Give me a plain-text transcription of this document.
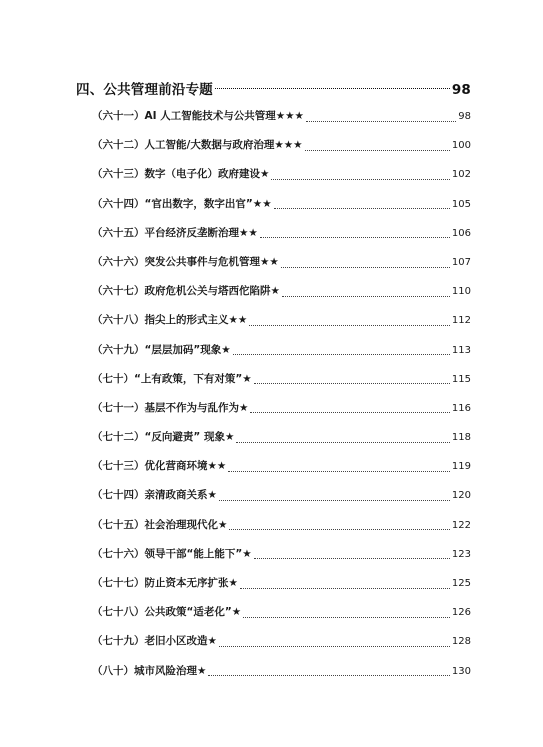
四、公共管理前沿专题	98
（六十一）AI 人工智能技术与公共管理★★★	98
（六十二）人工智能/大数据与政府治理★★★	100
（六十三）数字（电子化）政府建设★	102
（六十四）“官出数字，数字出官”★★	105
（六十五）平台经济反垄断治理★★	106
（六十六）突发公共事件与危机管理★★	107
（六十七）政府危机公关与塔西佗陷阱★	110
（六十八）指尖上的形式主义★★	112
（六十九）“层层加码”现象★	113
（七十）“上有政策，下有对策”★	115
（七十一）基层不作为与乱作为★	116
（七十二）“反向避责” 现象★	118
（七十三）优化营商环境★★	119
（七十四）亲清政商关系★	120
（七十五）社会治理现代化★	122
（七十六）领导干部“能上能下”★	123
（七十七）防止资本无序扩张★	125
（七十八）公共政策“适老化”★	126
（七十九）老旧小区改造★	128
（八十）城市风险治理★	130
